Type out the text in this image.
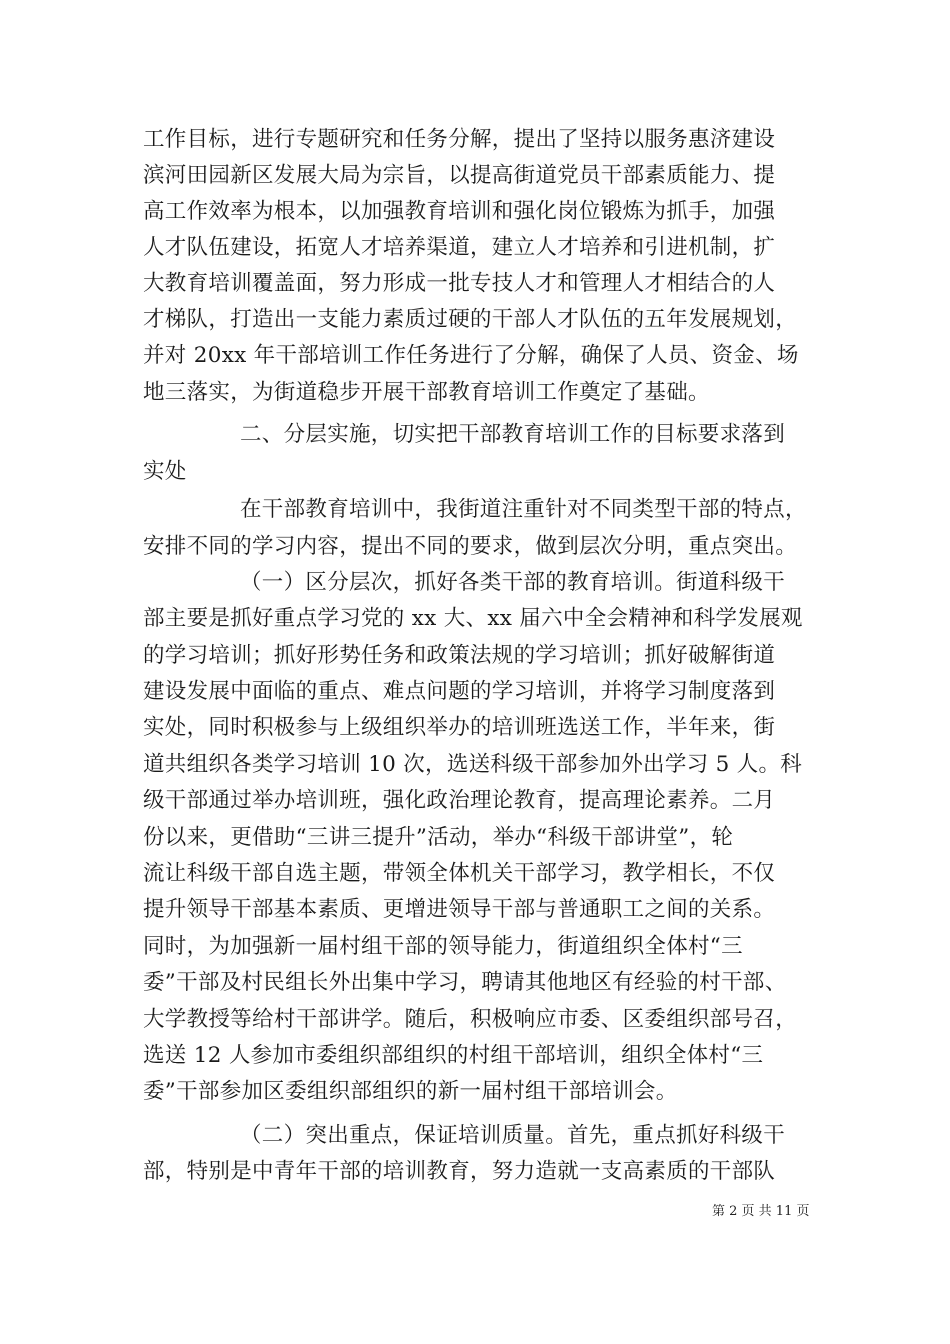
工作目标，进行专题研究和任务分解，提出了坚持以服务惠济建设
滨河田园新区发展大局为宗旨，以提高街道党员干部素质能力、提
高工作效率为根本，以加强教育培训和强化岗位锻炼为抓手，加强
人才队伍建设，拓宽人才培养渠道，建立人才培养和引进机制，扩
大教育培训覆盖面，努力形成一批专技人才和管理人才相结合的人
才梯队，打造出一支能力素质过硬的干部人才队伍的五年发展规划，
并对 20xx 年干部培训工作任务进行了分解，确保了人员、资金、场
地三落实，为街道稳步开展干部教育培训工作奠定了基础。
二、分层实施，切实把干部教育培训工作的目标要求落到
实处
在干部教育培训中，我街道注重针对不同类型干部的特点，
安排不同的学习内容，提出不同的要求，做到层次分明，重点突出。
（一）区分层次，抓好各类干部的教育培训。街道科级干
部主要是抓好重点学习党的 xx 大、xx 届六中全会精神和科学发展观
的学习培训；抓好形势任务和政策法规的学习培训；抓好破解街道
建设发展中面临的重点、难点问题的学习培训，并将学习制度落到
实处，同时积极参与上级组织举办的培训班选送工作，半年来，街
道共组织各类学习培训 10 次，选送科级干部参加外出学习 5 人。科
级干部通过举办培训班，强化政治理论教育，提高理论素养。二月
份以来，更借助“三讲三提升”活动，举办“科级干部讲堂”，轮
流让科级干部自选主题，带领全体机关干部学习，教学相长，不仅
提升领导干部基本素质、更增进领导干部与普通职工之间的关系。
同时，为加强新一届村组干部的领导能力，街道组织全体村“三
委”干部及村民组长外出集中学习，聘请其他地区有经验的村干部、
大学教授等给村干部讲学。随后，积极响应市委、区委组织部号召，
选送 12 人参加市委组织部组织的村组干部培训，组织全体村“三
委”干部参加区委组织部组织的新一届村组干部培训会。
（二）突出重点，保证培训质量。首先，重点抓好科级干
部，特别是中青年干部的培训教育，努力造就一支高素质的干部队
第 2 页 共 11 页
